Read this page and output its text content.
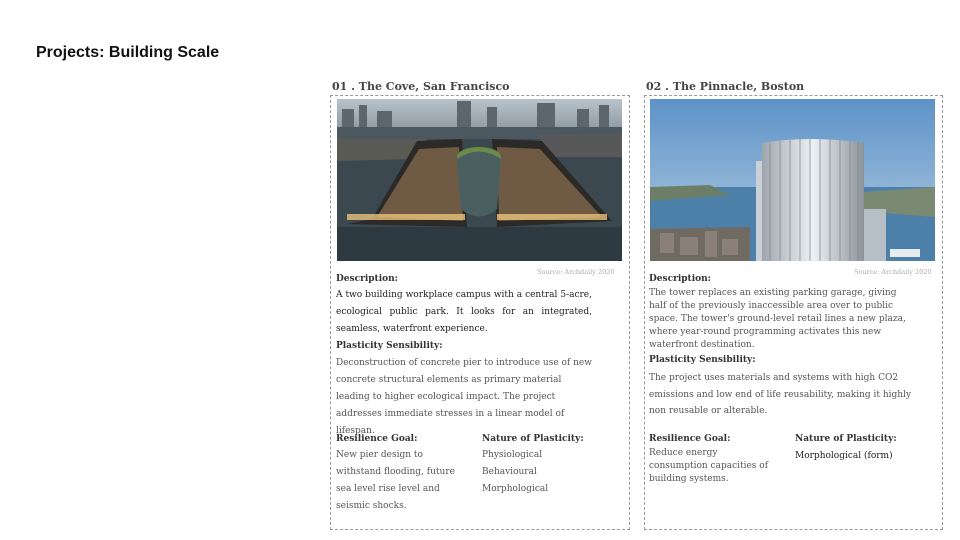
Projects: Building Scale
01 . The Cove, San Francisco
Source: Archdaily 2020
Description:
A two building workplace campus with a central 5-acre, ecological public park. It looks for an integrated, seamless, waterfront experience.
Plasticity Sensibility:
Deconstruction of concrete pier to introduce use of new concrete structural elements as primary material leading to higher ecological impact. The project addresses immediate stresses in a linear model of lifespan.
Resilience Goal:
New pier design to withstand flooding, future sea level rise level and seismic shocks.
Nature of Plasticity:
Physiological
Behavioural
Morphological
02 . The Pinnacle, Boston
Source: Archdaily 2020
Description:
The tower replaces an existing parking garage, giving half of the previously inaccessible area over to public space. The tower's ground-level retail lines a new plaza, where year-round programming activates this new waterfront destination.
Plasticity Sensibility:
The project uses materials and systems with high CO2 emissions and low end of life reusability, making it highly non reusable or alterable.
Resilience Goal:
Reduce energy consumption capacities of building systems.
Nature of Plasticity:
Morphological (form)
